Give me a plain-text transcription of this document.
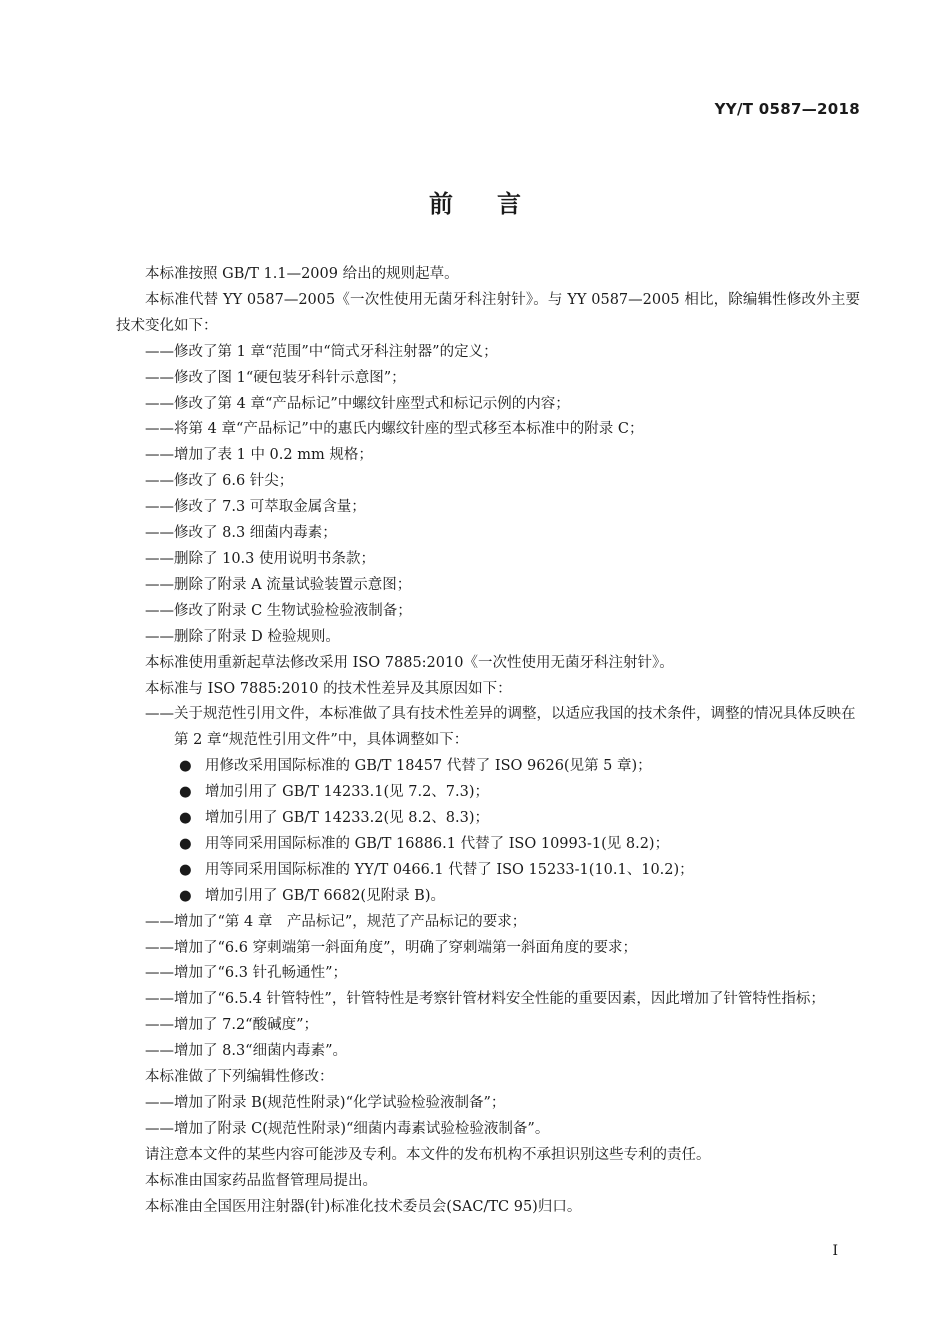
YY/T 0587—2018
前言

本标准按照 GB/T 1.1—2009 给出的规则起草。

本标准代替 YY 0587—2005《一次性使用无菌牙科注射针》。与 YY 0587—2005 相比，除编辑性修改外主要技术变化如下：

——修改了第 1 章“范围”中“筒式牙科注射器”的定义；

——修改了图 1“硬包装牙科针示意图”；

——修改了第 4 章“产品标记”中螺纹针座型式和标记示例的内容；

——将第 4 章“产品标记”中的惠氏内螺纹针座的型式移至本标准中的附录 C；

——增加了表 1 中 0.2 mm 规格；

——修改了 6.6 针尖；

——修改了 7.3 可萃取金属含量；

——修改了 8.3 细菌内毒素；

——删除了 10.3 使用说明书条款；

——删除了附录 A 流量试验装置示意图；

——修改了附录 C 生物试验检验液制备；

——删除了附录 D 检验规则。

本标准使用重新起草法修改采用 ISO 7885:2010《一次性使用无菌牙科注射针》。

本标准与 ISO 7885:2010 的技术性差异及其原因如下：

——关于规范性引用文件，本标准做了具有技术性差异的调整，以适应我国的技术条件，调整的情况具体反映在第 2 章“规范性引用文件”中，具体调整如下：

● 用修改采用国际标准的 GB/T 18457 代替了 ISO 9626(见第 5 章)；

● 增加引用了 GB/T 14233.1(见 7.2、7.3)；

● 增加引用了 GB/T 14233.2(见 8.2、8.3)；

● 用等同采用国际标准的 GB/T 16886.1 代替了 ISO 10993-1(见 8.2)；

● 用等同采用国际标准的 YY/T 0466.1 代替了 ISO 15233-1(10.1、10.2)；

● 增加引用了 GB/T 6682(见附录 B)。

——增加了“第 4 章　产品标记”，规范了产品标记的要求；

——增加了“6.6 穿刺端第一斜面角度”，明确了穿刺端第一斜面角度的要求；

——增加了“6.3 针孔畅通性”；

——增加了“6.5.4 针管特性”，针管特性是考察针管材料安全性能的重要因素，因此增加了针管特性指标；

——增加了 7.2“酸碱度”；

——增加了 8.3“细菌内毒素”。

本标准做了下列编辑性修改：

——增加了附录 B(规范性附录)“化学试验检验液制备”；

——增加了附录 C(规范性附录)“细菌内毒素试验检验液制备”。

请注意本文件的某些内容可能涉及专利。本文件的发布机构不承担识别这些专利的责任。

本标准由国家药品监督管理局提出。

本标准由全国医用注射器(针)标准化技术委员会(SAC/TC 95)归口。

I
